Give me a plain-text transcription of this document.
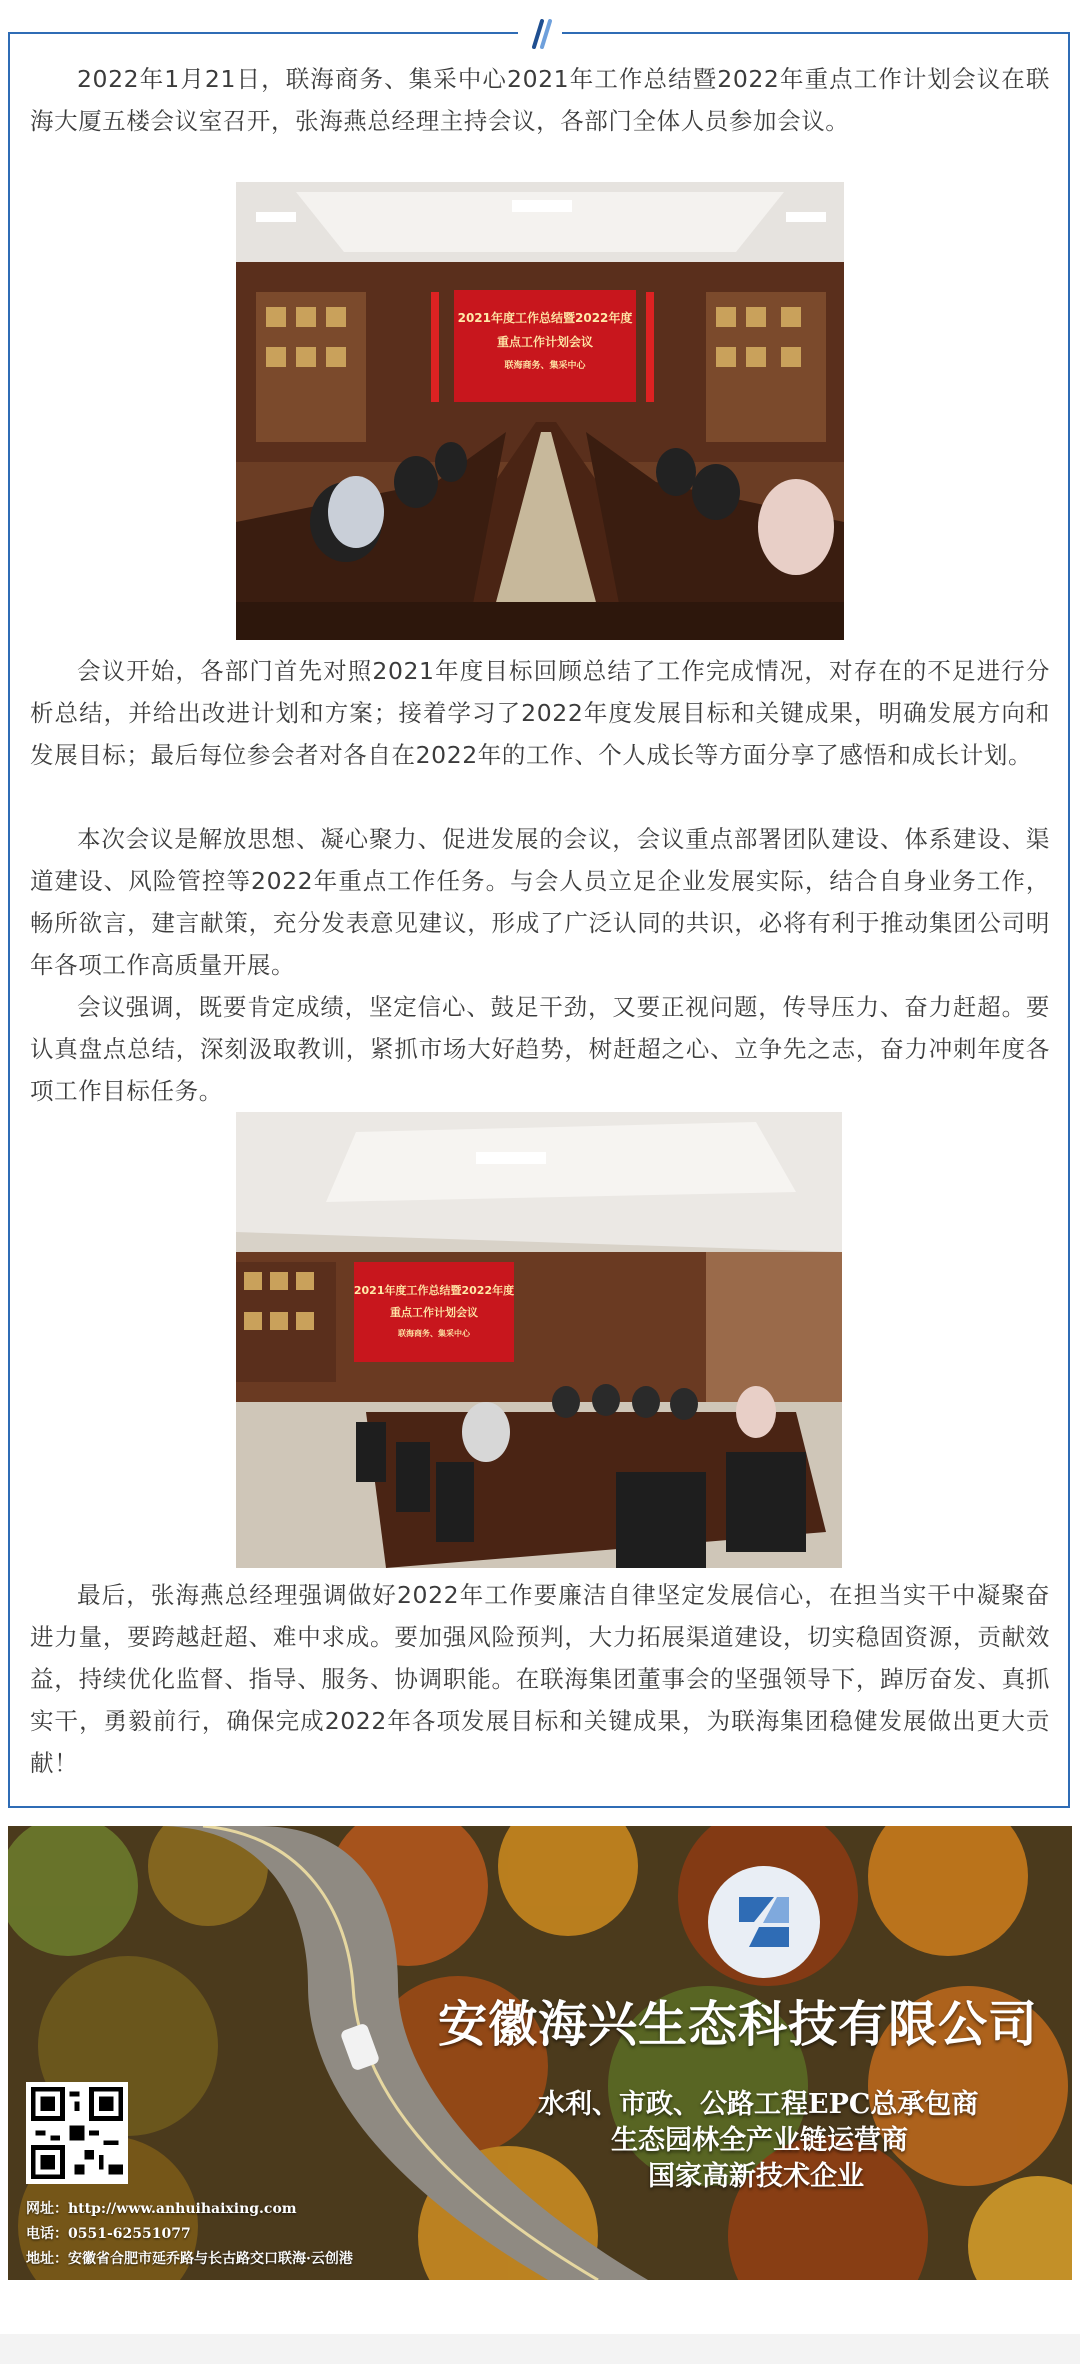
2022年1月21日，联海商务、集采中心2021年工作总结暨2022年重点工作计划会议在联海大厦五楼会议室召开，张海燕总经理主持会议，各部门全体人员参加会议。

2021年度工作总结暨2022年度
重点工作计划会议
联海商务、集采中心

会议开始，各部门首先对照2021年度目标回顾总结了工作完成情况，对存在的不足进行分析总结，并给出改进计划和方案；接着学习了2022年度发展目标和关键成果，明确发展方向和发展目标；最后每位参会者对各自在2022年的工作、个人成长等方面分享了感悟和成长计划。

本次会议是解放思想、凝心聚力、促进发展的会议，会议重点部署团队建设、体系建设、渠道建设、风险管控等2022年重点工作任务。与会人员立足企业发展实际，结合自身业务工作，畅所欲言，建言献策，充分发表意见建议，形成了广泛认同的共识，必将有利于推动集团公司明年各项工作高质量开展。

会议强调，既要肯定成绩，坚定信心、鼓足干劲，又要正视问题，传导压力、奋力赶超。要认真盘点总结，深刻汲取教训，紧抓市场大好趋势，树赶超之心、立争先之志，奋力冲刺年度各项工作目标任务。

2021年度工作总结暨2022年度
重点工作计划会议
联海商务、集采中心

最后，张海燕总经理强调做好2022年工作要廉洁自律坚定发展信心，在担当实干中凝聚奋进力量，要跨越赶超、难中求成。要加强风险预判，大力拓展渠道建设，切实稳固资源，贡献效益，持续优化监督、指导、服务、协调职能。在联海集团董事会的坚强领导下，踔厉奋发、真抓实干，勇毅前行，确保完成2022年各项发展目标和关键成果，为联海集团稳健发展做出更大贡献！

安徽海兴生态科技有限公司
水利、市政、公路工程EPC总承包商
生态园林全产业链运营商
国家高新技术企业
网址：http://www.anhuihaixing.com
电话：0551-62551077
地址：安徽省合肥市延乔路与长古路交口联海·云创港
